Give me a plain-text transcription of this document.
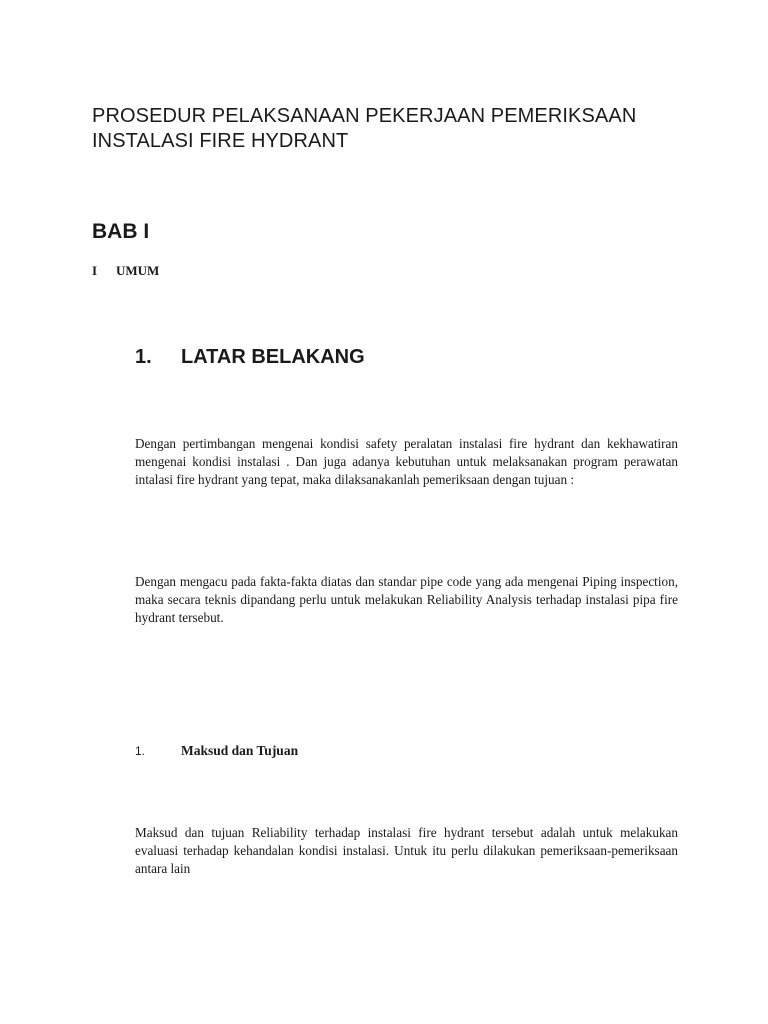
PROSEDUR PELAKSANAAN PEKERJAAN PEMERIKSAAN
INSTALASI FIRE HYDRANT
BAB I
I UMUM
1. LATAR BELAKANG

Dengan pertimbangan mengenai kondisi safety peralatan instalasi fire hydrant dan kekhawatiran mengenai kondisi instalasi . Dan juga adanya kebutuhan untuk melaksanakan program perawatan intalasi fire hydrant yang tepat, maka dilaksanakanlah pemeriksaan dengan tujuan :

Dengan mengacu pada fakta-fakta diatas dan standar pipe code yang ada mengenai Piping inspection, maka secara teknis dipandang perlu untuk melakukan Reliability Analysis terhadap instalasi pipa fire hydrant tersebut.

1.	Maksud dan Tujuan

Maksud dan tujuan Reliability terhadap instalasi fire hydrant tersebut adalah untuk melakukan evaluasi terhadap kehandalan kondisi instalasi. Untuk itu perlu dilakukan pemeriksaan-pemeriksaan antara lain
